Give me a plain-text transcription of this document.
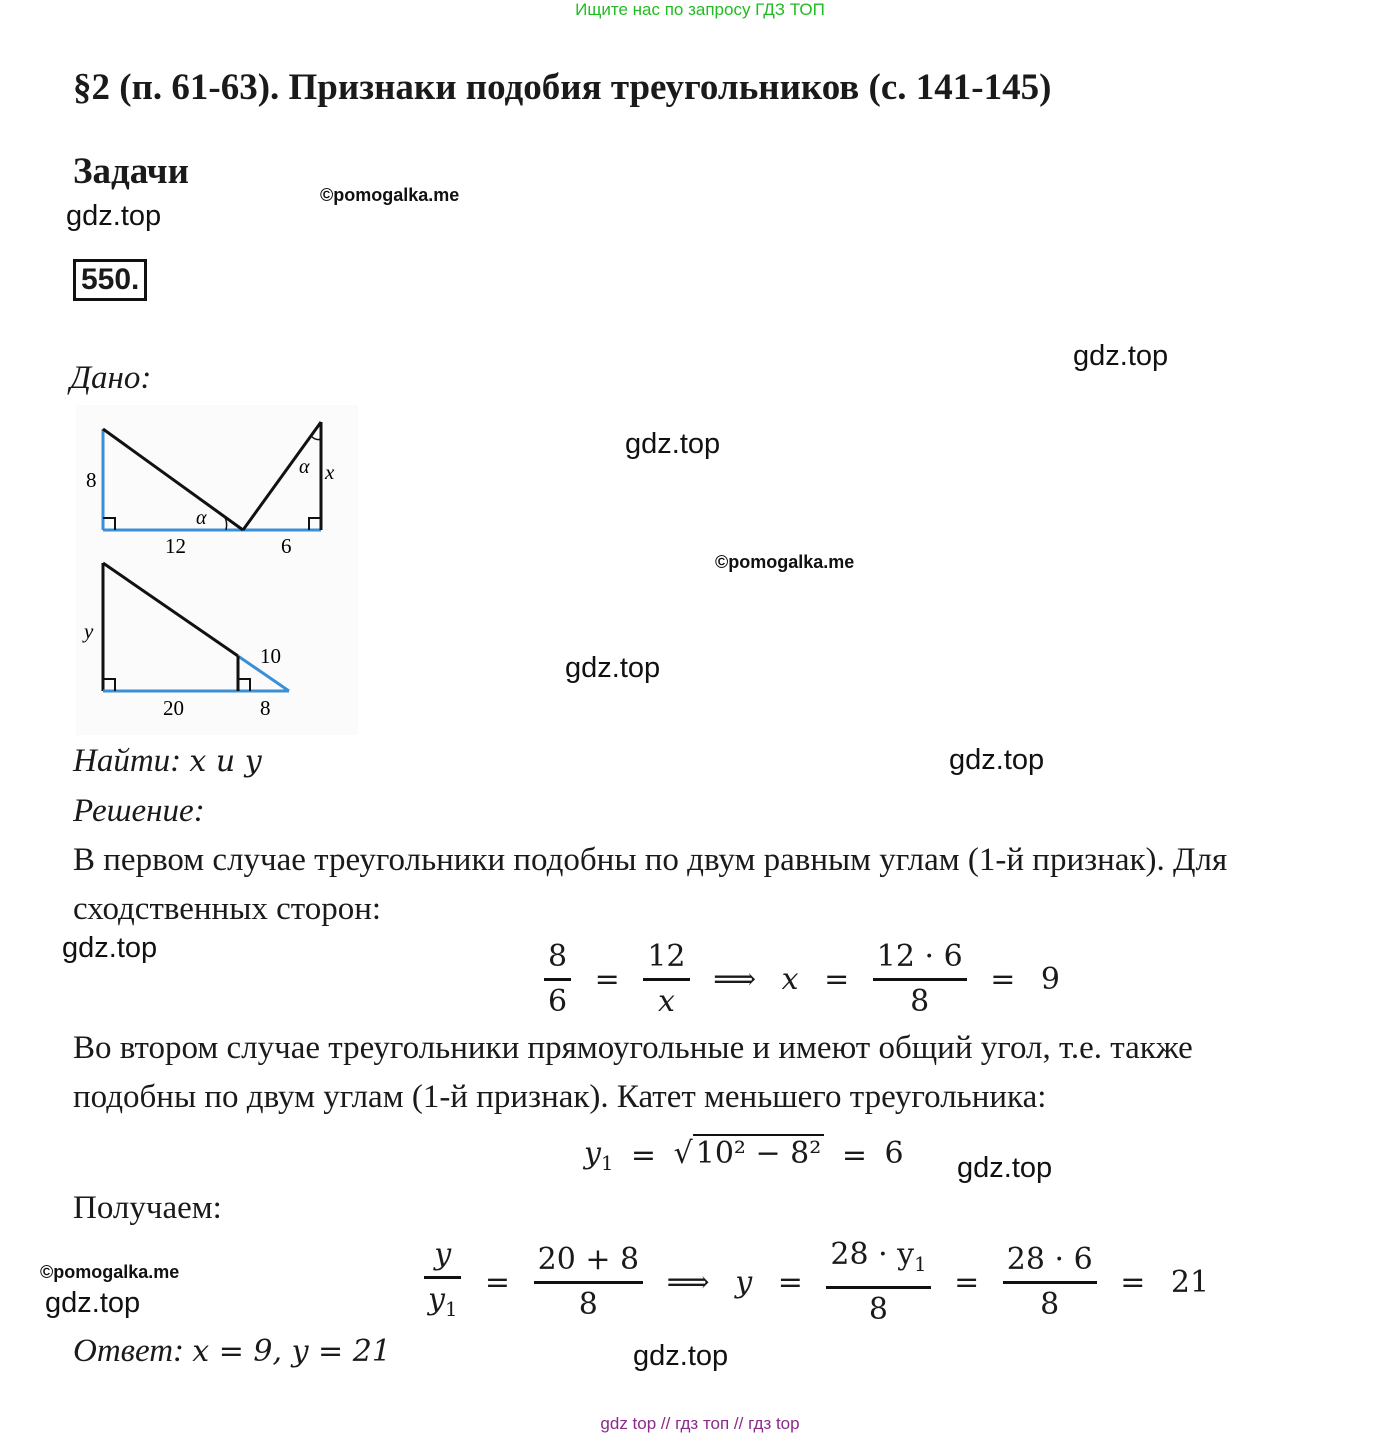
Ищите нас по запросу ГДЗ ТОП
§2 (п. 61-63). Признаки подобия треугольников (с. 141-145)
Задачи
gdz.top
©pomogalka.me
550.
gdz.top
Дано:
gdz.top
©pomogalka.me
gdz.top
8
12	6
x
α
α
y
10
20	8
Найти: x и y	gdz.top
Решение:
В первом случае треугольники подобны по двум равным углам (1-й признак). Для
сходственных сторон:
gdz.top	$\frac{8}{6} = \frac{12}{x}$ ⟹ $x = \frac{12 \cdot 6}{8} = 9$
Во втором случае треугольники прямоугольные и имеют общий угол, т.е. также
подобны по двум углам (1-й признак). Катет меньшего треугольника:
$y_1$ = √ 10² − 8² = 6 gdz.top
Получаем:
©pomogalka.me
gdz.top	$\frac{y}{y_1} = \frac{20 + 8}{8}$ ⟹ $y = \frac{28 \cdot y_1}{8} = \frac{28 \cdot 6}{8} = 21$
Ответ: x = 9, y = 21	gdz.top
gdz top // гдз топ // гдз top
